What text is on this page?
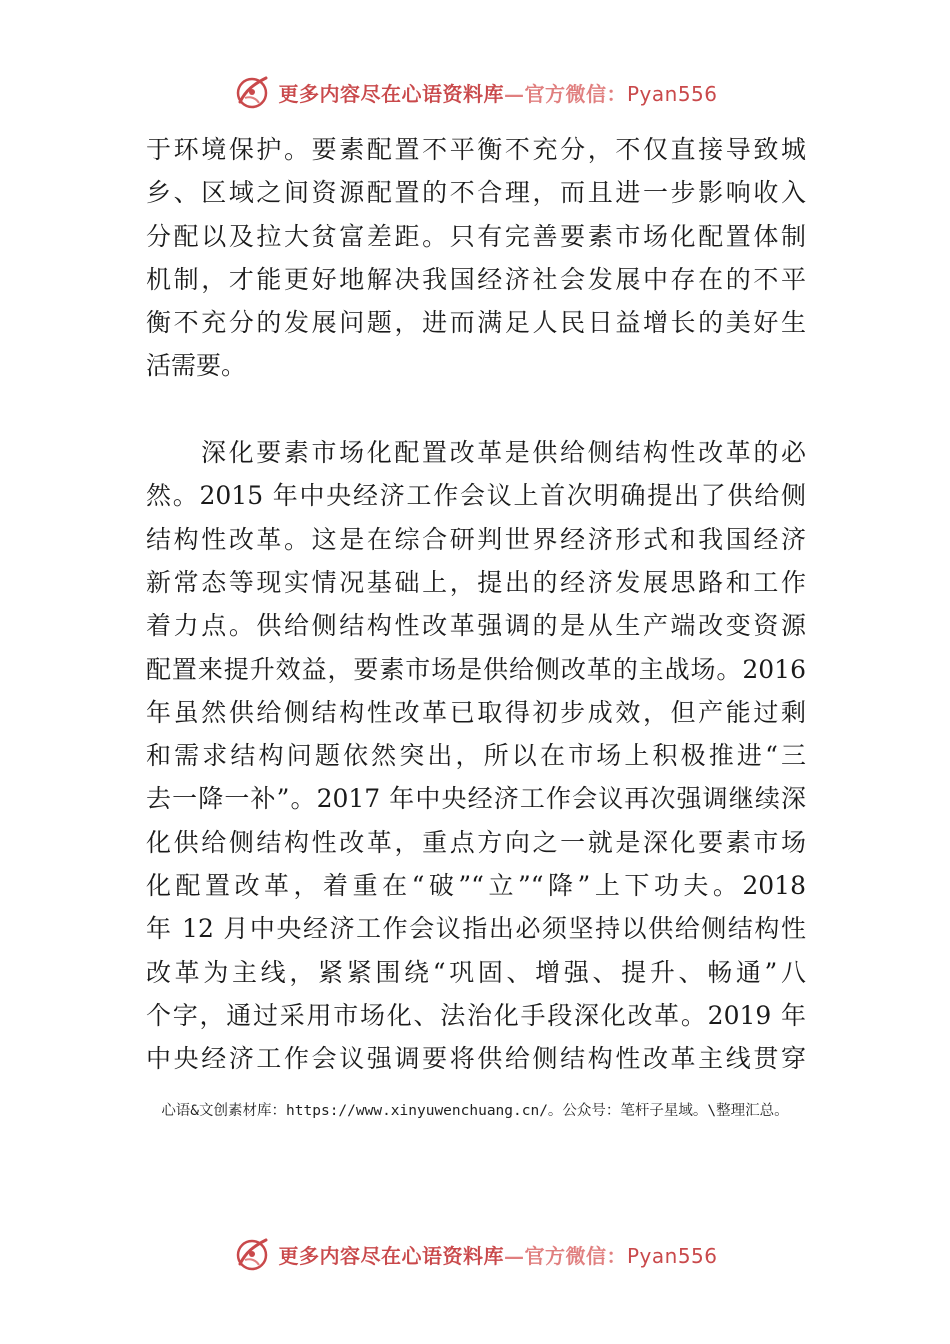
更多内容尽在心语资料库—官方微信：Pyan556
于环境保护。要素配置不平衡不充分，不仅直接导致城
乡、区域之间资源配置的不合理，而且进一步影响收入
分配以及拉大贫富差距。只有完善要素市场化配置体制
机制，才能更好地解决我国经济社会发展中存在的不平
衡不充分的发展问题，进而满足人民日益增长的美好生
活需要。
深化要素市场化配置改革是供给侧结构性改革的必
然。2015 年中央经济工作会议上首次明确提出了供给侧
结构性改革。这是在综合研判世界经济形式和我国经济
新常态等现实情况基础上，提出的经济发展思路和工作
着力点。供给侧结构性改革强调的是从生产端改变资源
配置来提升效益，要素市场是供给侧改革的主战场。2016
年虽然供给侧结构性改革已取得初步成效，但产能过剩
和需求结构问题依然突出，所以在市场上积极推进“三
去一降一补”。2017 年中央经济工作会议再次强调继续深
化供给侧结构性改革，重点方向之一就是深化要素市场
化配置改革，着重在“破”“立”“降”上下功夫。2018
年 12 月中央经济工作会议指出必须坚持以供给侧结构性
改革为主线，紧紧围绕“巩固、增强、提升、畅通”八
个字，通过采用市场化、法治化手段深化改革。2019 年
中央经济工作会议强调要将供给侧结构性改革主线贯穿
心语&文创素材库：https://www.xinyuwenchuang.cn/。公众号：笔杆子星域。\整理汇总。
更多内容尽在心语资料库—官方微信：Pyan556
